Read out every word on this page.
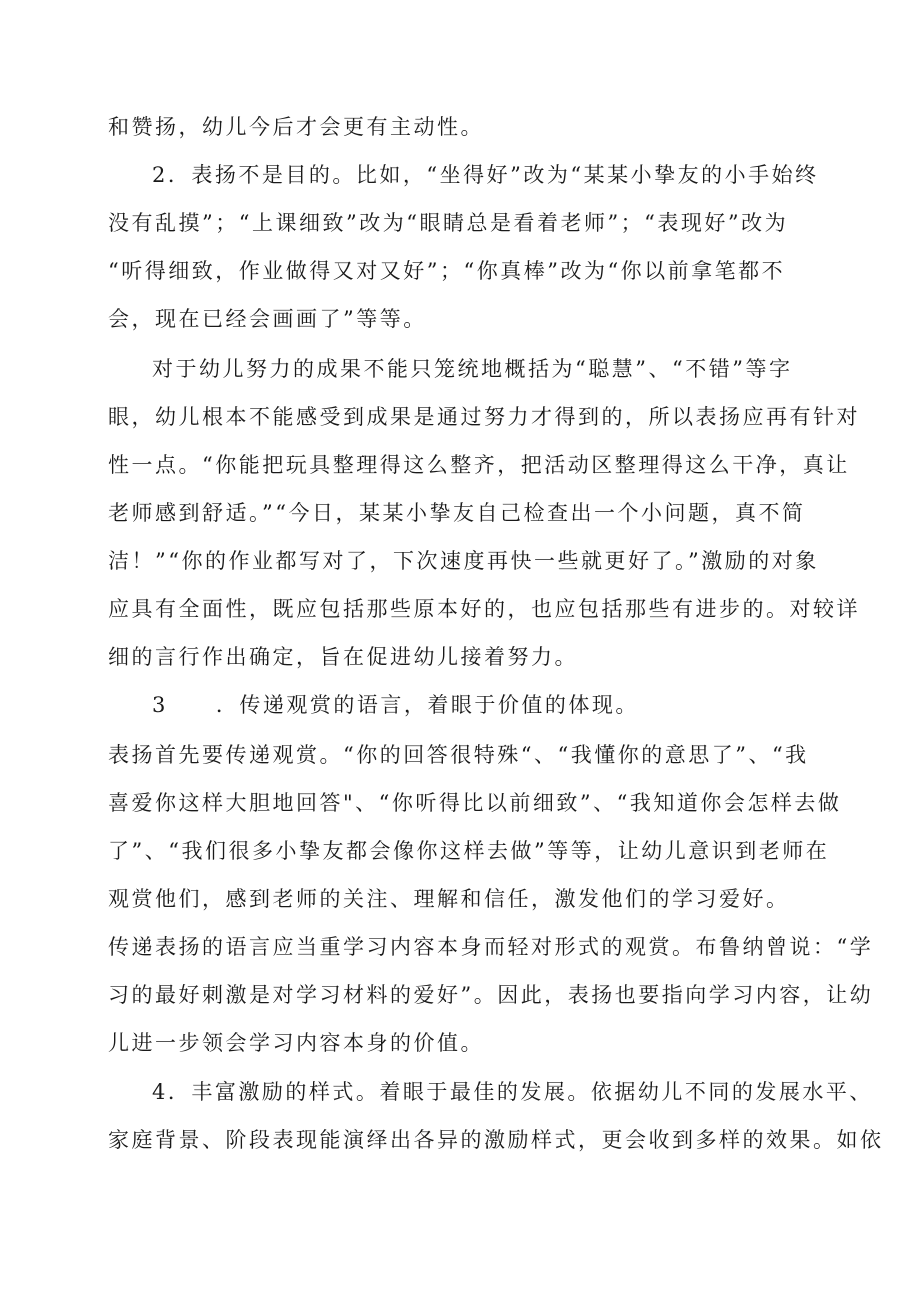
和赞扬，幼儿今后才会更有主动性。
2．表扬不是目的。比如，“坐得好”改为“某某小挚友的小手始终
没有乱摸”；“上课细致”改为“眼睛总是看着老师”；“表现好”改为
“听得细致，作业做得又对又好”；“你真棒”改为“你以前拿笔都不
会，现在已经会画画了”等等。
对于幼儿努力的成果不能只笼统地概括为“聪慧”、“不错”等字
眼，幼儿根本不能感受到成果是通过努力才得到的，所以表扬应再有针对
性一点。“你能把玩具整理得这么整齐，把活动区整理得这么干净，真让
老师感到舒适。”“今日，某某小挚友自己检查出一个小问题，真不简
洁！”“你的作业都写对了，下次速度再快一些就更好了。”激励的对象
应具有全面性，既应包括那些原本好的，也应包括那些有进步的。对较详
细的言行作出确定，旨在促进幼儿接着努力。
3 ．传递观赏的语言，着眼于价值的体现。
表扬首先要传递观赏。“你的回答很特殊“、“我懂你的意思了”、“我
喜爱你这样大胆地回答"、“你听得比以前细致”、“我知道你会怎样去做
了”、“我们很多小挚友都会像你这样去做”等等，让幼儿意识到老师在
观赏他们，感到老师的关注、理解和信任，激发他们的学习爱好。
传递表扬的语言应当重学习内容本身而轻对形式的观赏。布鲁纳曾说：“学
习的最好刺激是对学习材料的爱好”。因此，表扬也要指向学习内容，让幼
儿进一步领会学习内容本身的价值。
4．丰富激励的样式。着眼于最佳的发展。依据幼儿不同的发展水平、
家庭背景、阶段表现能演绎出各异的激励样式，更会收到多样的效果。如依
